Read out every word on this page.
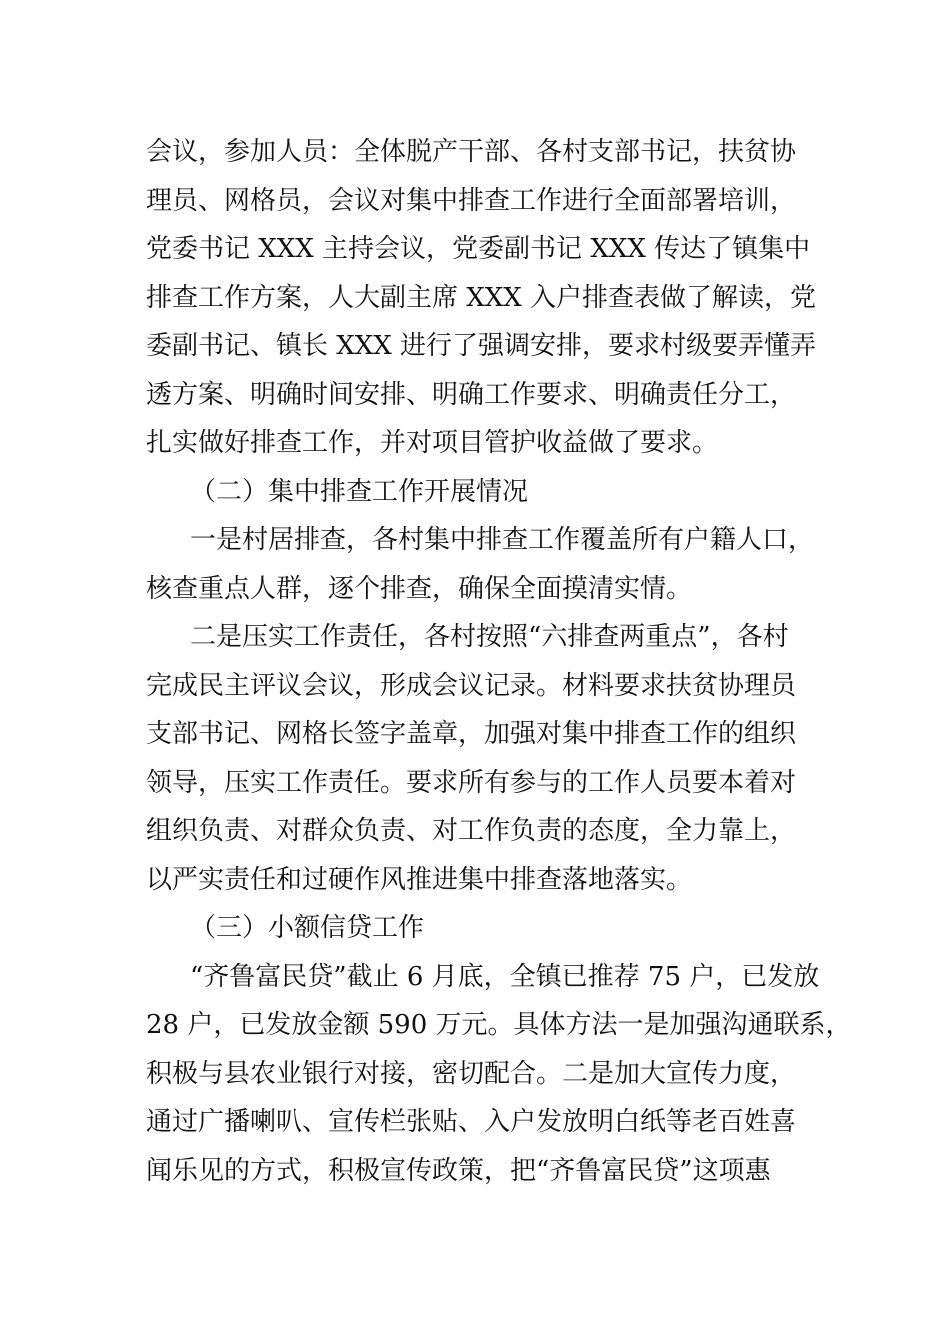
会议，参加人员：全体脱产干部、各村支部书记，扶贫协
理员、网格员，会议对集中排查工作进行全面部署培训，
党委书记 XXX 主持会议，党委副书记 XXX 传达了镇集中
排查工作方案，人大副主席 XXX 入户排查表做了解读，党
委副书记、镇长 XXX 进行了强调安排，要求村级要弄懂弄
透方案、明确时间安排、明确工作要求、明确责任分工，
扎实做好排查工作，并对项目管护收益做了要求。
（二）集中排查工作开展情况
一是村居排查，各村集中排查工作覆盖所有户籍人口，
核查重点人群，逐个排查，确保全面摸清实情。
二是压实工作责任，各村按照“六排查两重点”，各村
完成民主评议会议，形成会议记录。材料要求扶贫协理员
支部书记、网格长签字盖章，加强对集中排查工作的组织
领导，压实工作责任。要求所有参与的工作人员要本着对
组织负责、对群众负责、对工作负责的态度，全力靠上，
以严实责任和过硬作风推进集中排查落地落实。
（三）小额信贷工作
“齐鲁富民贷”截止 6 月底，全镇已推荐 75 户，已发放
28 户，已发放金额 590 万元。具体方法一是加强沟通联系，
积极与县农业银行对接，密切配合。二是加大宣传力度，
通过广播喇叭、宣传栏张贴、入户发放明白纸等老百姓喜
闻乐见的方式，积极宣传政策，把“齐鲁富民贷”这项惠
